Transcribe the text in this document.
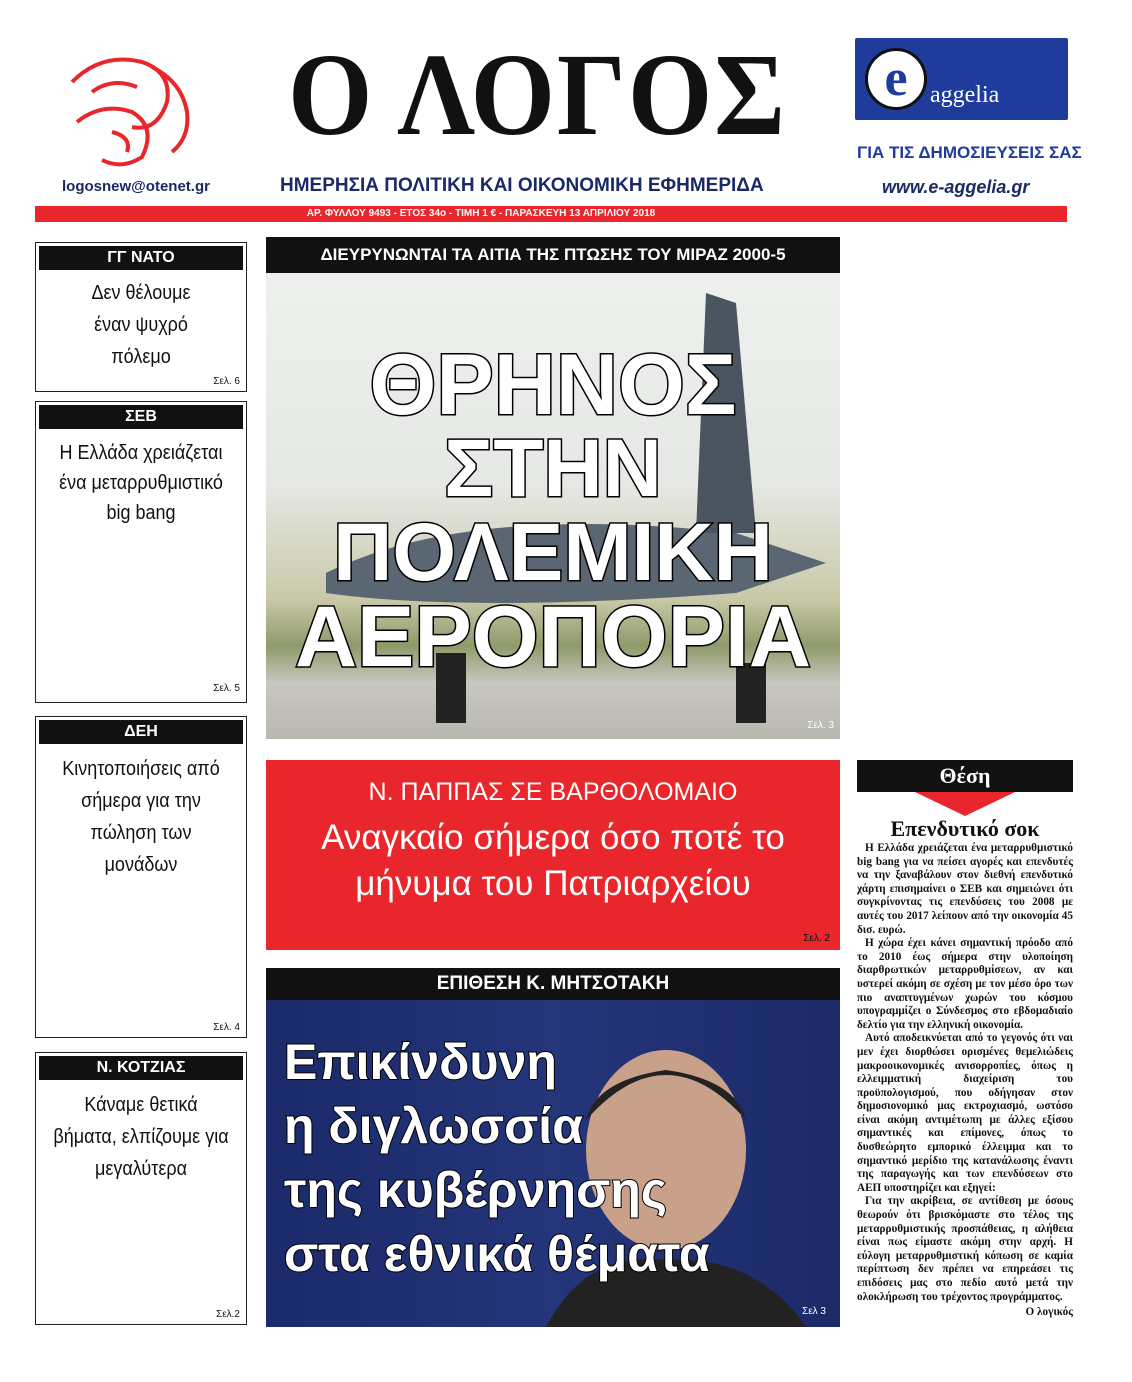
logosnew@otenet.gr
Ο ΛΟΓΟΣ
ΗΜΕΡΗΣΙΑ ΠΟΛΙΤΙΚΗ ΚΑΙ ΟΙΚΟΝΟΜΙΚΗ ΕΦΗΜΕΡΙΔΑ
e aggelia
ΓΙΑ ΤΙΣ ΔΗΜΟΣΙΕΥΣΕΙΣ ΣΑΣ
www.e-aggelia.gr
ΑΡ. ΦΥΛΛΟΥ 9493 - ΕΤΟΣ 34ο - ΤΙΜΗ 1 € - ΠΑΡΑΣΚΕΥΗ 13 ΑΠΡΙΛΙΟΥ 2018
ΓΓ ΝΑΤΟ
Δεν θέλουμε έναν ψυχρό πόλεμο
Σελ. 6
ΣΕΒ
Η Ελλάδα χρειάζεται ένα μεταρρυθμιστικό big bang
Σελ. 5
ΔΕΗ
Κινητοποιήσεις από σήμερα για την πώληση των μονάδων
Σελ. 4
Ν. ΚΟΤΖΙΑΣ
Κάναμε θετικά βήματα, ελπίζουμε για μεγαλύτερα
Σελ.2
ΔΙΕΥΡΥΝΩΝΤΑΙ ΤΑ ΑΙΤΙΑ ΤΗΣ ΠΤΩΣΗΣ ΤΟΥ ΜΙΡΑΖ 2000-5
ΘΡΗΝΟΣ
ΣΤΗΝ ΠΟΛΕΜΙΚΗ
ΑΕΡΟΠΟΡΙΑ
Σελ. 3
Ν. ΠΑΠΠΑΣ ΣΕ ΒΑΡΘΟΛΟΜΑΙΟ
Αναγκαίο σήμερα όσο ποτέ το μήνυμα του Πατριαρχείου
Σελ. 2
ΕΠΙΘΕΣΗ Κ. ΜΗΤΣΟΤΑΚΗ
Επικίνδυνη
η διγλωσσία
της κυβέρνησης
στα εθνικά θέματα
Σελ 3
Θέση
Επενδυτικό σοκ

Η Ελλάδα χρειάζεται ένα μεταρρυθμιστικό big bang για να πείσει αγορές και επενδυτές να την ξαναβάλουν στον διεθνή επενδυτικό χάρτη επισημαίνει ο ΣΕΒ και σημειώνει ότι συγκρίνοντας τις επενδύσεις του 2008 με αυτές του 2017 λείπουν από την οικονομία 45 δισ. ευρώ.

Η χώρα έχει κάνει σημαντική πρόοδο από το 2010 έως σήμερα στην υλοποίηση διαρθρωτικών μεταρρυθμίσεων, αν και υστερεί ακόμη σε σχέση με τον μέσο όρο των πιο αναπτυγμένων χωρών του κόσμου υπογραμμίζει ο Σύνδεσμος στο εβδομαδιαίο δελτίο για την ελληνική οικονομία.

Αυτό αποδεικνύεται από το γεγονός ότι ναι μεν έχει διορθώσει ορισμένες θεμελιώδεις μακροοικονομικές ανισορροπίες, όπως η ελλειμματική διαχείριση του προϋπολογισμού, που οδήγησαν στον δημοσιονομικό μας εκτροχιασμό, ωστόσο είναι ακόμη αντιμέτωπη με άλλες εξίσου σημαντικές και επίμονες, όπως το δυσθεώρητο εμπορικό έλλειμμα και το σημαντικό μερίδιο της κατανάλωσης έναντι της παραγωγής και των επενδύσεων στο ΑΕΠ υποστηρίζει και εξηγεί:

Για την ακρίβεια, σε αντίθεση με όσους θεωρούν ότι βρισκόμαστε στο τέλος της μεταρρυθμιστικής προσπάθειας, η αλήθεια είναι πως είμαστε ακόμη στην αρχή. Η εύλογη μεταρρυθμιστική κόπωση σε καμία περίπτωση δεν πρέπει να επηρεάσει τις επιδόσεις μας στο πεδίο αυτό μετά την ολοκλήρωση του τρέχοντος προγράμματος.

Ο λογικός
